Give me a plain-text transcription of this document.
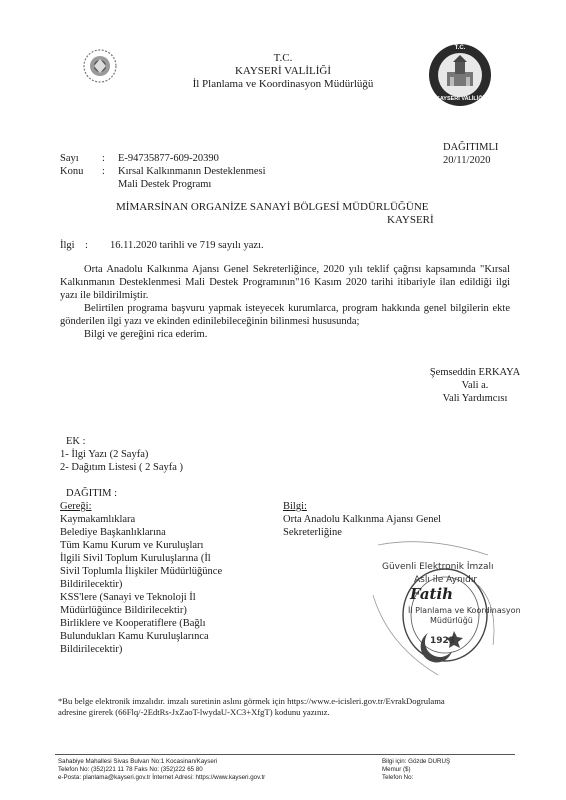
T.C.
KAYSERİ VALİLİĞİ
İl Planlama ve Koordinasyon Müdürlüğü
T.C.
KAYSERİ VALİLİĞİ
DAĞITIMLI
20/11/2020
Sayı : E-94735877-609-20390
Konu : Kırsal Kalkınmanın Desteklenmesi
Mali Destek Programı
MİMARSİNAN ORGANİZE SANAYİ BÖLGESİ MÜDÜRLÜĞÜNE
KAYSERİ
İlgi : 16.11.2020 tarihli ve 719 sayılı yazı.
Orta Anadolu Kalkınma Ajansı Genel Sekreterliğince, 2020 yılı teklif çağrısı kapsamında "Kırsal Kalkınmanın Desteklenmesi Mali Destek Programının"16 Kasım 2020 tarihi itibariyle ilan edildiği ilgi yazı ile bildirilmiştir.
Belirtilen programa başvuru yapmak isteyecek kurumlarca, program hakkında genel bilgilerin ekte gönderilen ilgi yazı ve ekinden edinilebileceğinin bilinmesi hususunda;
Bilgi ve gereğini rica ederim.
Şemseddin ERKAYA
Vali a.
Vali Yardımcısı
EK :
1- İlgi Yazı (2 Sayfa)
2- Dağıtım Listesi ( 2 Sayfa )
DAĞITIM :
Gereği:
Kaymakamlıklara
Belediye Başkanlıklarına
Tüm Kamu Kurum ve Kuruluşları
İlgili Sivil Toplum Kuruluşlarına (İl
Sivil Toplumla İlişkiler Müdürlüğünce
Bildirilecektir)
KSS'lere (Sanayi ve Teknoloji İl
Müdürlüğünce Bildirilecektir)
Birliklere ve Kooperatiflere (Bağlı
Bulundukları Kamu Kuruluşlarınca
Bildirilecektir)
Bilgi:
Orta Anadolu Kalkınma Ajansı Genel
Sekreterliğine
Güvenli Elektronik İmzalı
Aslı ile Aynıdır
Fatih
İl Planlama ve Koordinasyon
Müdürlüğü
1923
*Bu belge elektronik imzalıdır. imzalı suretinin aslını görmek için https://www.e-icisleri.gov.tr/EvrakDogrulama
adresine girerek (66Flq/-2EdtRs-JxZaoT-lwydaU-XC3+XfgT) kodunu yazınız.
Sahabiye Mahallesi Sivas Bulvarı No:1 Kocasinan/Kayseri
Telefon No: (352)221 11 78 Faks No: (352)222 65 80
e-Posta: planlama@kayseri.gov.tr İnternet Adresi: https://www.kayseri.gov.tr
Bilgi için: Gözde DURUŞ
Memur ($)
Telefon No:
